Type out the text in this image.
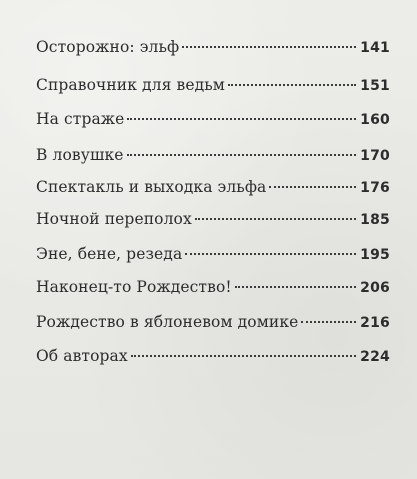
Осторожно: эльф	141
Справочник для ведьм	151
На страже	160
В ловушке	170
Спектакль и выходка эльфа	176
Ночной переполох	185
Эне, бене, резеда	195
Наконец-то Рождество!	206
Рождество в яблоневом домике	216
Об авторах	224
